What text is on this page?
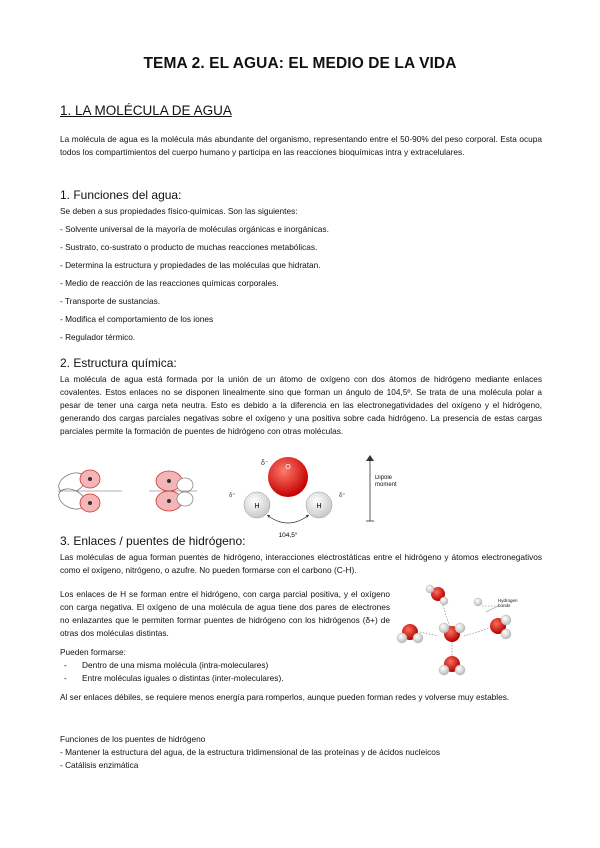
TEMA 2. EL AGUA: EL MEDIO DE LA VIDA
1. LA MOLÉCULA DE AGUA
La molécula de agua es la molécula más abundante del organismo, representando entre el 50-90% del peso corporal. Esta ocupa todos los compartimientos del cuerpo humano y participa en las reacciones bioquímicas intra y extracelulares.
1. Funciones del agua:
Se deben a sus propiedades físico-químicas. Son las siguientes:
- Solvente universal de la mayoría de moléculas orgánicas e inorgánicas.
- Sustrato, co-sustrato o producto de muchas reacciones metabólicas.
- Determina la estructura y propiedades de las moléculas que hidratan.
- Medio de reacción de las reacciones químicas corporales.
- Transporte de sustancias.
- Modifica el comportamiento de los iones
- Regulador térmico.
2. Estructura química:
La molécula de agua está formada por la unión de un átomo de oxígeno con dos átomos de hidrógeno mediante enlaces covalentes. Estos enlaces no se disponen linealmente sino que forman un ángulo de 104,5º. Se trata de una molécula polar a pesar de tener una carga neta neutra. Esto es debido a la diferencia en las electronegatividades del oxígeno y el hidrógeno, generando dos cargas parciales negativas sobre el oxígeno y una positiva sobre cada hidrógeno. La presencia de estas cargas parciales permite la formación de puentes de hidrógeno con otras moléculas.
O
δ⁻
H	H
δ⁺	δ⁺
104,5°
Dipole moment
3. Enlaces / puentes de hidrógeno:
Las moléculas de agua forman puentes de hidrógeno, interacciones electrostáticas entre el hidrógeno y átomos electronegativos como el oxígeno, nitrógeno, o azufre. No pueden formarse con el carbono (C-H).
Los enlaces de H se forman entre el hidrógeno, con carga parcial positiva, y el oxígeno con carga negativa. El oxígeno de una molécula de agua tiene dos pares de electrones no enlazantes que le permiten formar puentes de hidrógeno con los hidrógenos (δ+) de otras dos moléculas distintas.
Pueden formarse:
- Dentro de una misma molécula (intra-moleculares)
- Entre moléculas iguales o distintas (inter-moleculares).
Hydrogen bonds
Al ser enlaces débiles, se requiere menos energía para romperlos, aunque pueden forman redes y volverse muy estables.
Funciones de los puentes de hidrógeno
- Mantener la estructura del agua, de la estructura tridimensional de las proteínas y de ácidos nucleicos
- Catálisis enzimática
